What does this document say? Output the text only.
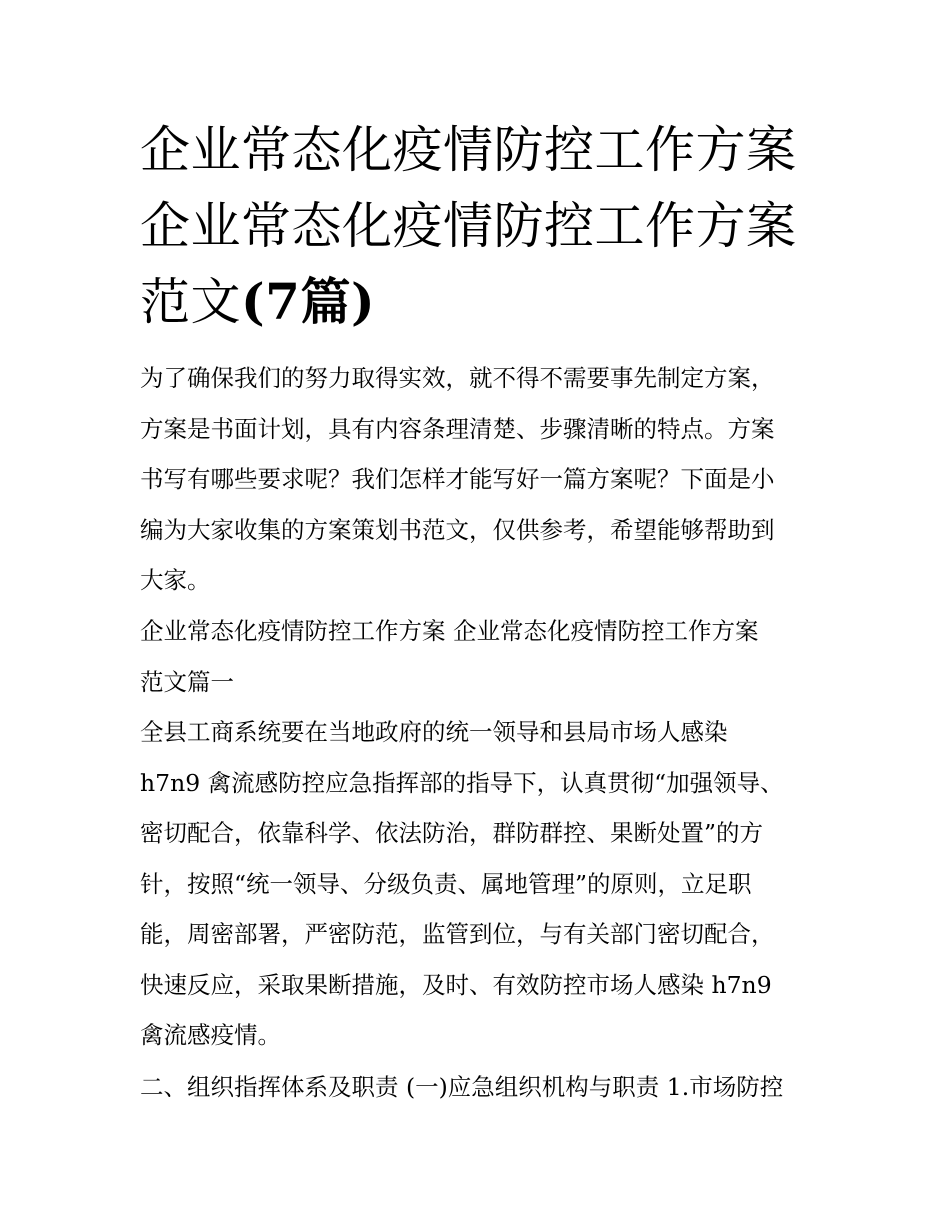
企业常态化疫情防控工作方案
企业常态化疫情防控工作方案
范文(7篇)

为了确保我们的努力取得实效，就不得不需要事先制定方案，
方案是书面计划，具有内容条理清楚、步骤清晰的特点。方案
书写有哪些要求呢？我们怎样才能写好一篇方案呢？下面是小
编为大家收集的方案策划书范文，仅供参考，希望能够帮助到
大家。

企业常态化疫情防控工作方案 企业常态化疫情防控工作方案
范文篇一

全县工商系统要在当地政府的统一领导和县局市场人感染
h7n9 禽流感防控应急指挥部的指导下，认真贯彻“加强领导、
密切配合，依靠科学、依法防治，群防群控、果断处置”的方
针，按照“统一领导、分级负责、属地管理”的原则，立足职
能，周密部署，严密防范，监管到位，与有关部门密切配合，
快速反应，采取果断措施，及时、有效防控市场人感染 h7n9
禽流感疫情。

二、组织指挥体系及职责 (一)应急组织机构与职责 1.市场防控
